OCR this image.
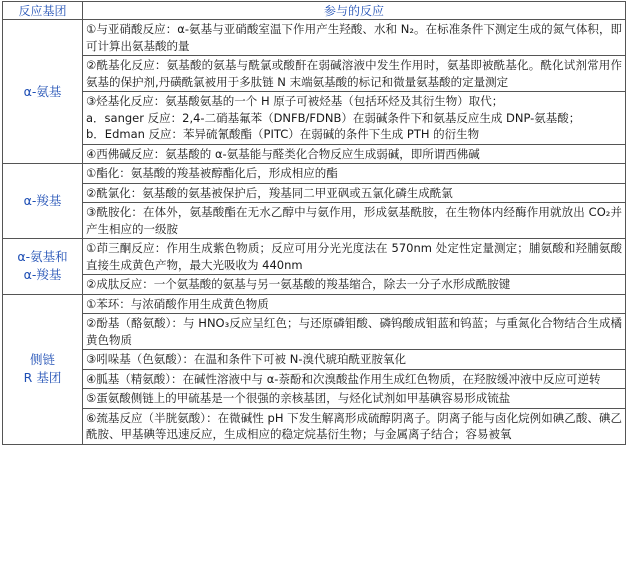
反应基团	参与的反应

α-氨基	①与亚硝酸反应：α-氨基与亚硝酸室温下作用产生羟酸、水和 N₂。在标准条件下测定生成的氮气体积，即可计算出氨基酸的量

	②酰基化反应：氨基酸的氨基与酰氯或酸酐在弱碱溶液中发生作用时，氨基即被酰基化。酰化试剂常用作氨基的保护剂,丹磺酰氯被用于多肽链 N 末端氨基酸的标记和微量氨基酸的定量测定

	③烃基化反应：氨基酸氨基的一个 H 原子可被烃基（包括环烃及其衍生物）取代；
a．sanger 反应：2,4-二硝基氟苯（DNFB/FDNB）在弱碱条件下和氨基反应生成 DNP-氨基酸；
b．Edman 反应：苯异硫氰酸酯（PITC）在弱碱的条件下生成 PTH 的衍生物

	④西佛碱反应：氨基酸的 α-氨基能与醛类化合物反应生成弱碱，即所谓西佛碱

α-羧基	①酯化：氨基酸的羧基被醇酯化后，形成相应的酯

	②酰氯化：氨基酸的氨基被保护后，羧基同二甲亚砜或五氯化磷生成酰氯

	③酰胺化：在体外，氨基酸酯在无水乙醇中与氨作用，形成氨基酰胺，在生物体内经酶作用就放出 CO₂并产生相应的一级胺

α-氨基和
α-羧基	①茚三酮反应：作用生成紫色物质；反应可用分光光度法在 570nm 处定性定量测定；脯氨酸和羟脯氨酸直接生成黄色产物，最大光吸收为 440nm

	②成肽反应：一个氨基酸的氨基与另一氨基酸的羧基缩合，除去一分子水形成酰胺键

侧链
R 基团	①苯环：与浓硝酸作用生成黄色物质

	②酚基（酪氨酸）：与 HNO₃反应呈红色；与还原磷钼酸、磷钨酸成钼蓝和钨蓝；与重氮化合物结合生成橘黄色物质

	③吲哚基（色氨酸）：在温和条件下可被 N-溴代琥珀酰亚胺氧化

	④胍基（精氨酸）：在碱性溶液中与 α-萘酚和次溴酸盐作用生成红色物质，在羟胺缓冲液中反应可逆转

	⑤蛋氨酸侧链上的甲硫基是一个很强的亲核基团，与烃化试剂如甲基碘容易形成锍盐

	⑥巯基反应（半胱氨酸）：在微碱性 pH 下发生解离形成硫醇阴离子。阴离子能与卤化烷例如碘乙酸、碘乙酰胺、甲基碘等迅速反应，生成相应的稳定烷基衍生物；与金属离子结合；容易被氧
